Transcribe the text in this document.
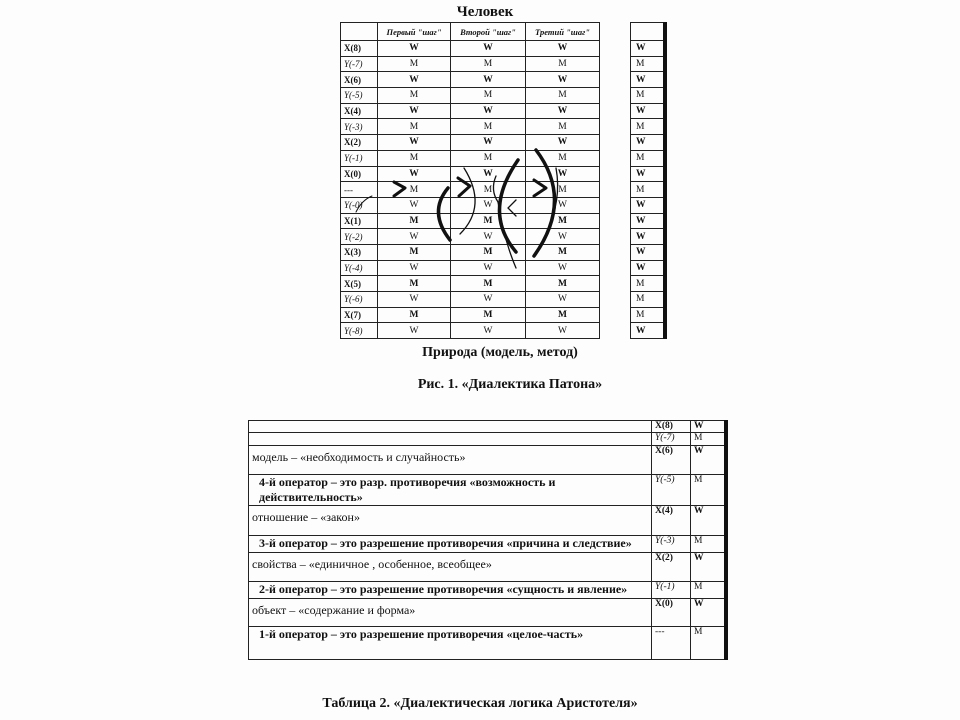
Человек
	Первый "шаг"	Второй "шаг"	Третий "шаг"		
X(8)	W	W	W		W
Y(-7)	M	M	M		M
X(6)	W	W	W		W
Y(-5)	M	M	M		M
X(4)	W	W	W		W
Y(-3)	M	M	M		M
X(2)	W	W	W		W
Y(-1)	M	M	M		M
X(0)	W	W	W		W
---	M	M	M		M
Y(-0)	W	W	W		W
X(1)	M	M	M		W
Y(-2)	W	W	W		W
X(3)	M	M	M		W
Y(-4)	W	W	W		W
X(5)	M	M	M		M
Y(-6)	W	W	W		M
X(7)	M	M	M		M
Y(-8)	W	W	W		W
Природа (модель, метод)
Рис. 1. «Диалектика Патона»
	X(8)	W
	Y(-7)	M
модель – «необходимость и случайность»	X(6)	W
4-й оператор – это разр. противоречия «возможность и действительность»	Y(-5)	M
отношение – «закон»	X(4)	W
3-й оператор – это разрешение противоречия «причина и следствие»	Y(-3)	M
свойства – «единичное , особенное, всеобщее»	X(2)	W
2-й оператор – это разрешение противоречия «сущность и явление»	Y(-1)	M
объект – «содержание и форма»	X(0)	W
1-й оператор – это разрешение противоречия «целое-часть»	---	M
Таблица 2. «Диалектическая логика Аристотеля»
